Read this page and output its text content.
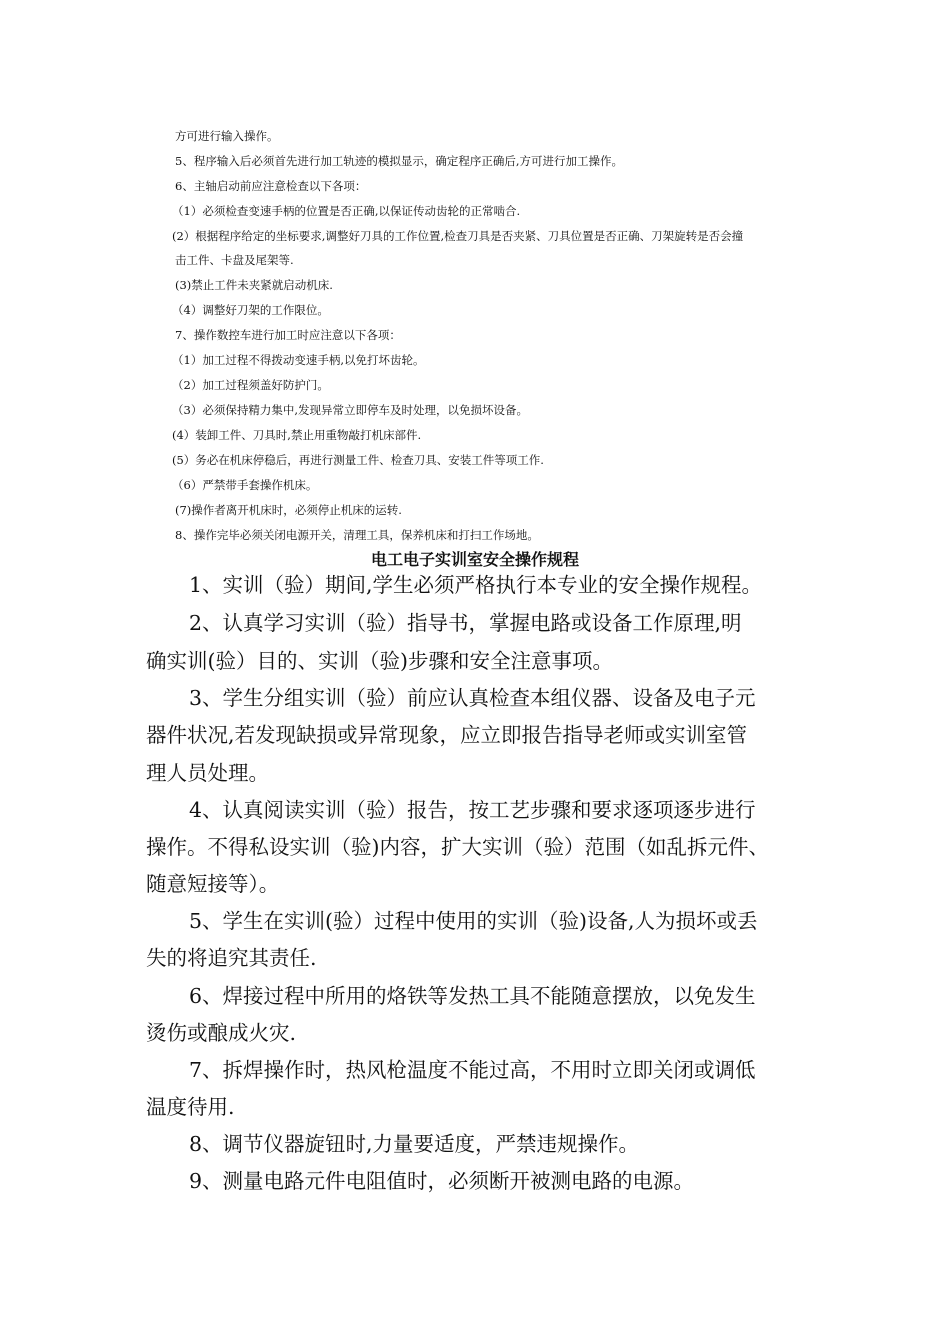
方可进行输入操作。
5、程序输入后必须首先进行加工轨迹的模拟显示，确定程序正确后,方可进行加工操作。
6、主轴启动前应注意检查以下各项：
（1）必须检查变速手柄的位置是否正确,以保证传动齿轮的正常啮合.
(2）根据程序给定的坐标要求,调整好刀具的工作位置,检查刀具是否夹紧、刀具位置是否正确、刀架旋转是否会撞
击工件、卡盘及尾架等.
(3)禁止工件未夹紧就启动机床.
（4）调整好刀架的工作限位。
7、操作数控车进行加工时应注意以下各项：
（1）加工过程不得拨动变速手柄,以免打坏齿轮。
（2）加工过程须盖好防护门。
（3）必须保持精力集中,发现异常立即停车及时处理，以免损坏设备。
(4）装卸工件、刀具时,禁止用重物敲打机床部件.
(5）务必在机床停稳后，再进行测量工件、检查刀具、安装工件等项工作.
（6）严禁带手套操作机床。
(7)操作者离开机床时，必须停止机床的运转.
8、操作完毕必须关闭电源开关，清理工具，保养机床和打扫工作场地。
电工电子实训室安全操作规程
1、实训（验）期间,学生必须严格执行本专业的安全操作规程。
2、认真学习实训（验）指导书，掌握电路或设备工作原理,明
确实训(验）目的、实训（验)步骤和安全注意事项。
3、学生分组实训（验）前应认真检查本组仪器、设备及电子元
器件状况,若发现缺损或异常现象，应立即报告指导老师或实训室管
理人员处理。
4、认真阅读实训（验）报告，按工艺步骤和要求逐项逐步进行
操作。不得私设实训（验)内容，扩大实训（验）范围（如乱拆元件、
随意短接等）。
5、学生在实训(验）过程中使用的实训（验)设备,人为损坏或丢
失的将追究其责任.
6、焊接过程中所用的烙铁等发热工具不能随意摆放，以免发生
烫伤或酿成火灾.
7、拆焊操作时，热风枪温度不能过高，不用时立即关闭或调低
温度待用.
8、调节仪器旋钮时,力量要适度，严禁违规操作。
9、测量电路元件电阻值时，必须断开被测电路的电源。
